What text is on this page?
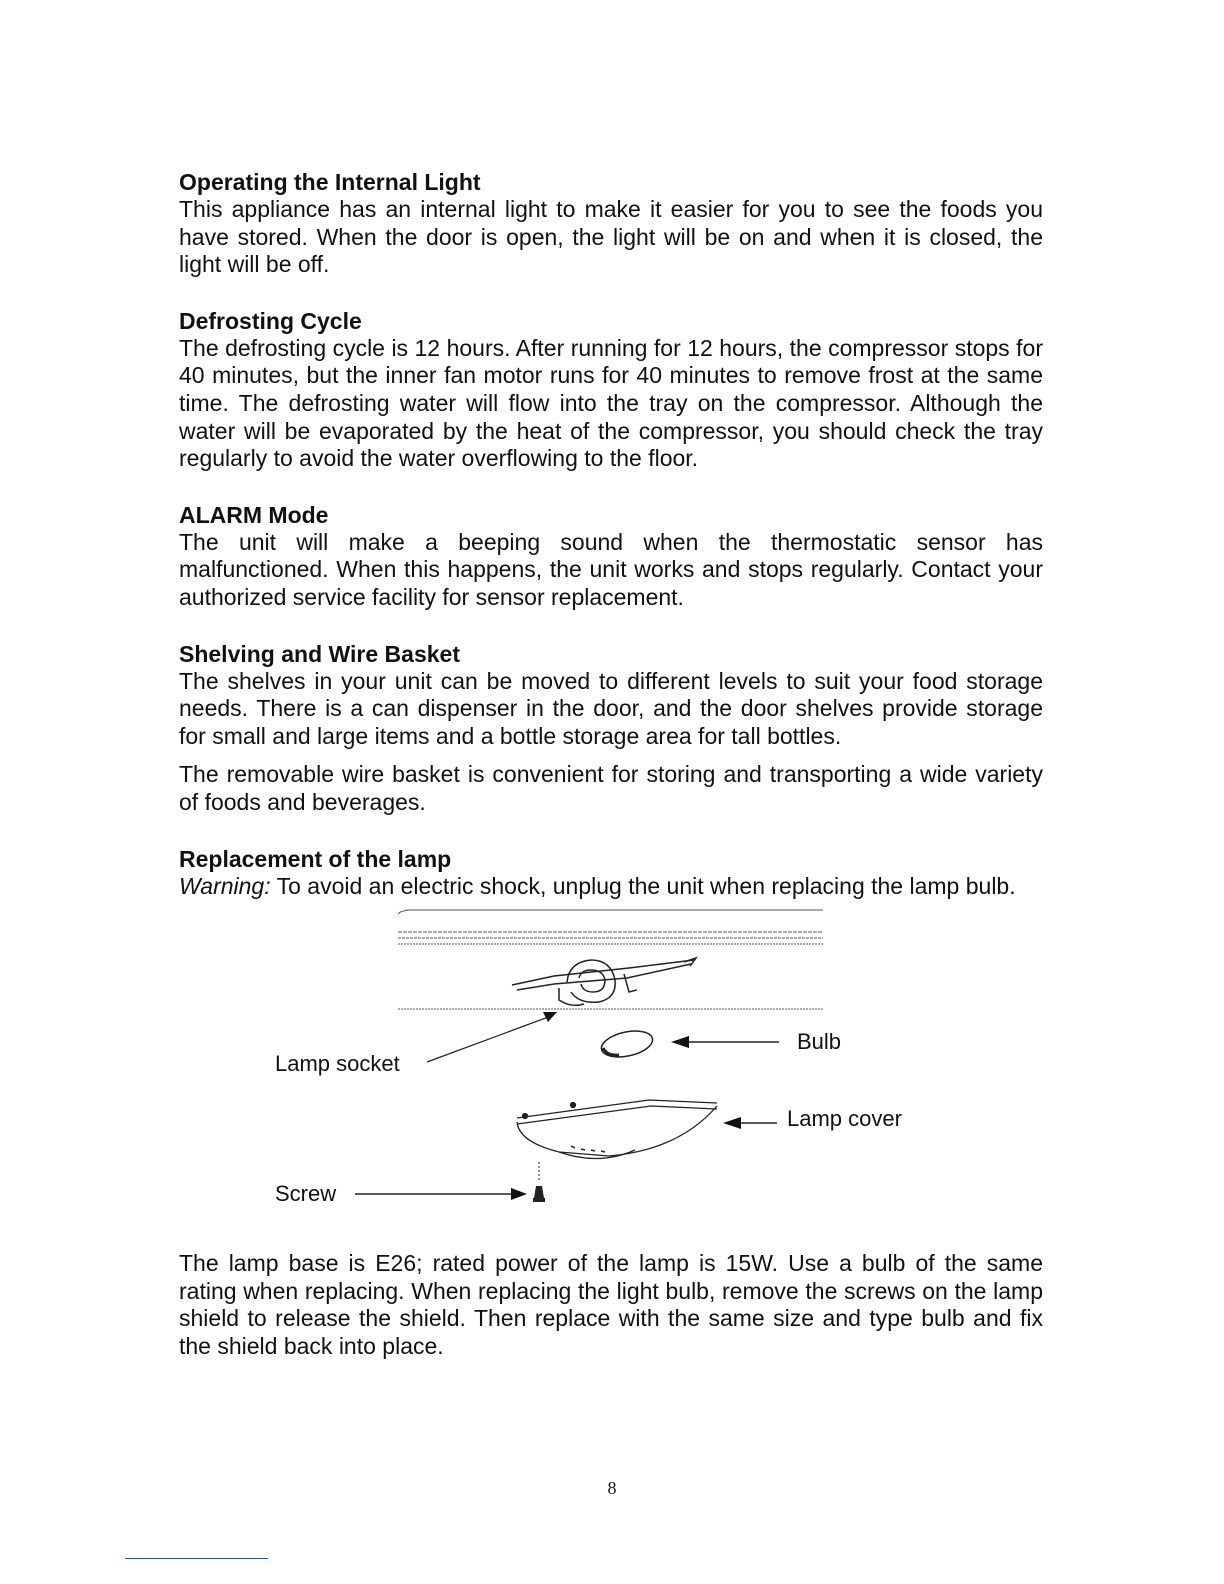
Operating the Internal Light

This appliance has an internal light to make it easier for you to see the foods you have stored. When the door is open, the light will be on and when it is closed, the light will be off.

Defrosting Cycle

The defrosting cycle is 12 hours. After running for 12 hours, the compressor stops for 40 minutes, but the inner fan motor runs for 40 minutes to remove frost at the same time. The defrosting water will flow into the tray on the compressor. Although the water will be evaporated by the heat of the compressor, you should check the tray regularly to avoid the water overflowing to the floor.

ALARM Mode

The unit will make a beeping sound when the thermostatic sensor has malfunctioned. When this happens, the unit works and stops regularly. Contact your authorized service facility for sensor replacement.

Shelving and Wire Basket

The shelves in your unit can be moved to different levels to suit your food storage needs. There is a can dispenser in the door, and the door shelves provide storage for small and large items and a bottle storage area for tall bottles.

The removable wire basket is convenient for storing and transporting a wide variety of foods and beverages.

Replacement of the lamp

Warning: To avoid an electric shock, unplug the unit when replacing the lamp bulb.

Lamp socket
Bulb
Lamp cover
Screw

The lamp base is E26; rated power of the lamp is 15W. Use a bulb of the same rating when replacing. When replacing the light bulb, remove the screws on the lamp shield to release the shield. Then replace with the same size and type bulb and fix the shield back into place.

8
